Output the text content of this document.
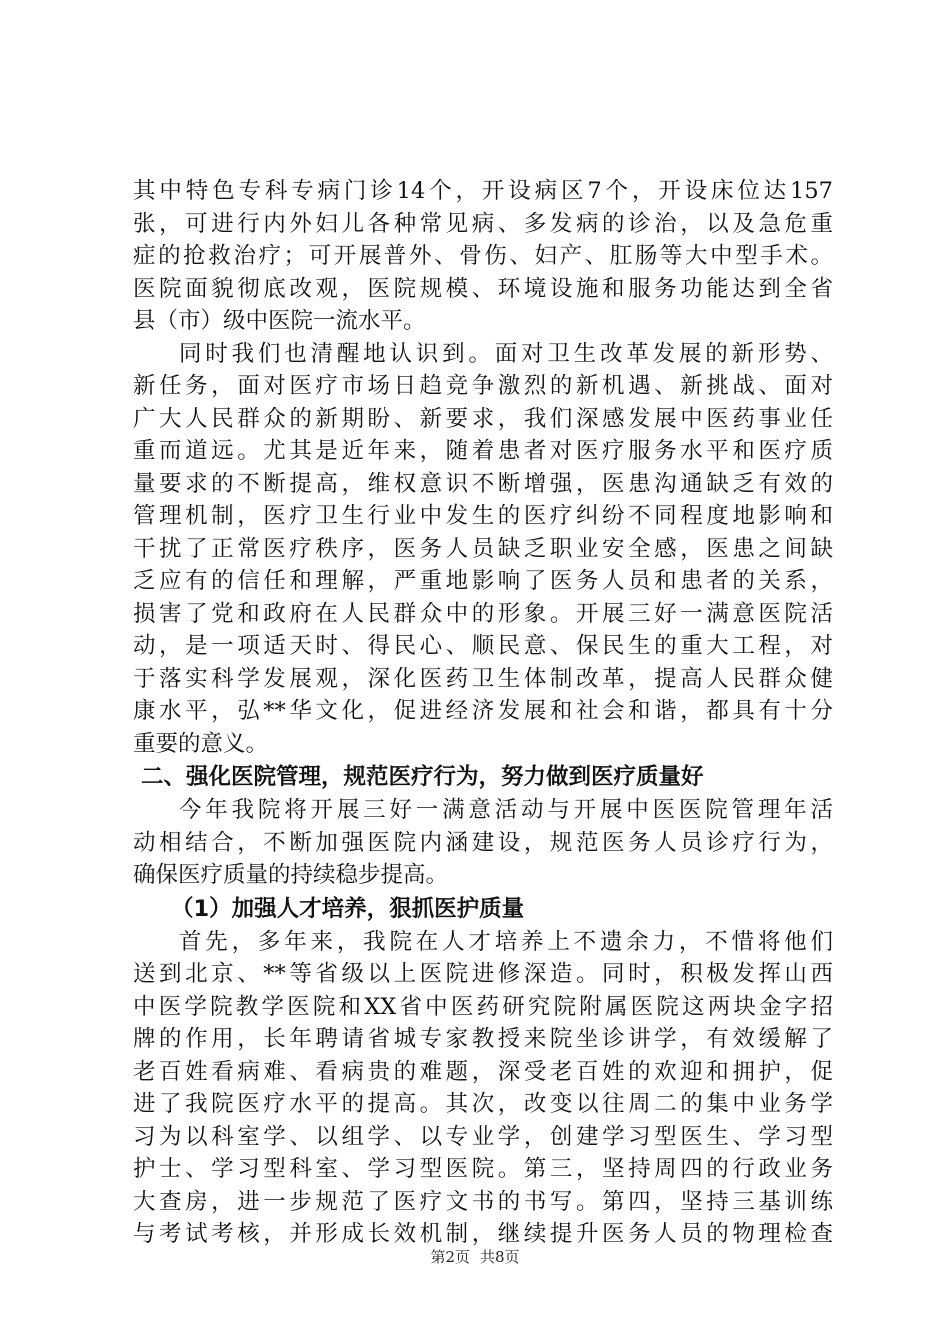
其中特色专科专病门诊14个，开设病区7个，开设床位达157
张，可进行内外妇儿各种常见病、多发病的诊治，以及急危重
症的抢救治疗；可开展普外、骨伤、妇产、肛肠等大中型手术。
医院面貌彻底改观，医院规模、环境设施和服务功能达到全省
县（市）级中医院一流水平。
同时我们也清醒地认识到。面对卫生改革发展的新形势、
新任务，面对医疗市场日趋竞争激烈的新机遇、新挑战、面对
广大人民群众的新期盼、新要求，我们深感发展中医药事业任
重而道远。尤其是近年来，随着患者对医疗服务水平和医疗质
量要求的不断提高，维权意识不断增强，医患沟通缺乏有效的
管理机制，医疗卫生行业中发生的医疗纠纷不同程度地影响和
干扰了正常医疗秩序，医务人员缺乏职业安全感，医患之间缺
乏应有的信任和理解，严重地影响了医务人员和患者的关系，
损害了党和政府在人民群众中的形象。开展三好一满意医院活
动，是一项适天时、得民心、顺民意、保民生的重大工程，对
于落实科学发展观，深化医药卫生体制改革，提高人民群众健
康水平，弘**华文化，促进经济发展和社会和谐，都具有十分
重要的意义。
二、强化医院管理，规范医疗行为，努力做到医疗质量好
今年我院将开展三好一满意活动与开展中医医院管理年活
动相结合，不断加强医院内涵建设，规范医务人员诊疗行为，
确保医疗质量的持续稳步提高。
（1）加强人才培养，狠抓医护质量
首先，多年来，我院在人才培养上不遗余力，不惜将他们
送到北京、**等省级以上医院进修深造。同时，积极发挥山西
中医学院教学医院和XX省中医药研究院附属医院这两块金字招
牌的作用，长年聘请省城专家教授来院坐诊讲学，有效缓解了
老百姓看病难、看病贵的难题，深受老百姓的欢迎和拥护，促
进了我院医疗水平的提高。其次，改变以往周二的集中业务学
习为以科室学、以组学、以专业学，创建学习型医生、学习型
护士、学习型科室、学习型医院。第三，坚持周四的行政业务
大查房，进一步规范了医疗文书的书写。第四，坚持三基训练
与考试考核，并形成长效机制，继续提升医务人员的物理检查
第2页 共8页
